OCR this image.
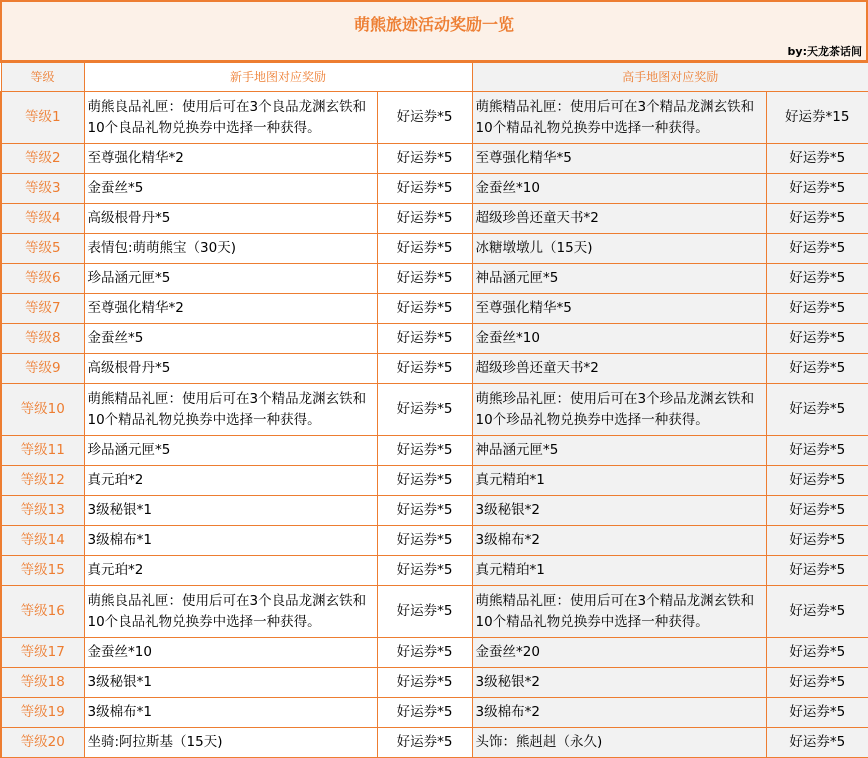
萌熊旅迹活动奖励一览
by:天龙茶话间
等级	新手地图对应奖励		高手地图对应奖励	
等级1	萌熊良品礼匣：使用后可在3个良品龙渊玄铁和10个良品礼物兑换券中选择一种获得。	好运券*5	萌熊精品礼匣：使用后可在3个精品龙渊玄铁和10个精品礼物兑换券中选择一种获得。	好运券*15
等级2	至尊强化精华*2	好运券*5	至尊强化精华*5	好运券*5
等级3	金蚕丝*5	好运券*5	金蚕丝*10	好运券*5
等级4	高级根骨丹*5	好运券*5	超级珍兽还童天书*2	好运券*5
等级5	表情包:萌萌熊宝（30天)	好运券*5	冰糖墩墩儿（15天)	好运券*5
等级6	珍品涵元匣*5	好运券*5	神品涵元匣*5	好运券*5
等级7	至尊强化精华*2	好运券*5	至尊强化精华*5	好运券*5
等级8	金蚕丝*5	好运券*5	金蚕丝*10	好运券*5
等级9	高级根骨丹*5	好运券*5	超级珍兽还童天书*2	好运券*5
等级10	萌熊精品礼匣：使用后可在3个精品龙渊玄铁和10个精品礼物兑换券中选择一种获得。	好运券*5	萌熊珍品礼匣：使用后可在3个珍品龙渊玄铁和10个珍品礼物兑换券中选择一种获得。	好运券*5
等级11	珍品涵元匣*5	好运券*5	神品涵元匣*5	好运券*5
等级12	真元珀*2	好运券*5	真元精珀*1	好运券*5
等级13	3级秘银*1	好运券*5	3级秘银*2	好运券*5
等级14	3级棉布*1	好运券*5	3级棉布*2	好运券*5
等级15	真元珀*2	好运券*5	真元精珀*1	好运券*5
等级16	萌熊良品礼匣：使用后可在3个良品龙渊玄铁和10个良品礼物兑换券中选择一种获得。	好运券*5	萌熊精品礼匣：使用后可在3个精品龙渊玄铁和10个精品礼物兑换券中选择一种获得。	好运券*5
等级17	金蚕丝*10	好运券*5	金蚕丝*20	好运券*5
等级18	3级秘银*1	好运券*5	3级秘银*2	好运券*5
等级19	3级棉布*1	好运券*5	3级棉布*2	好运券*5
等级20	坐骑:阿拉斯基（15天)	好运券*5	头饰：熊赳赳（永久)	好运券*5
